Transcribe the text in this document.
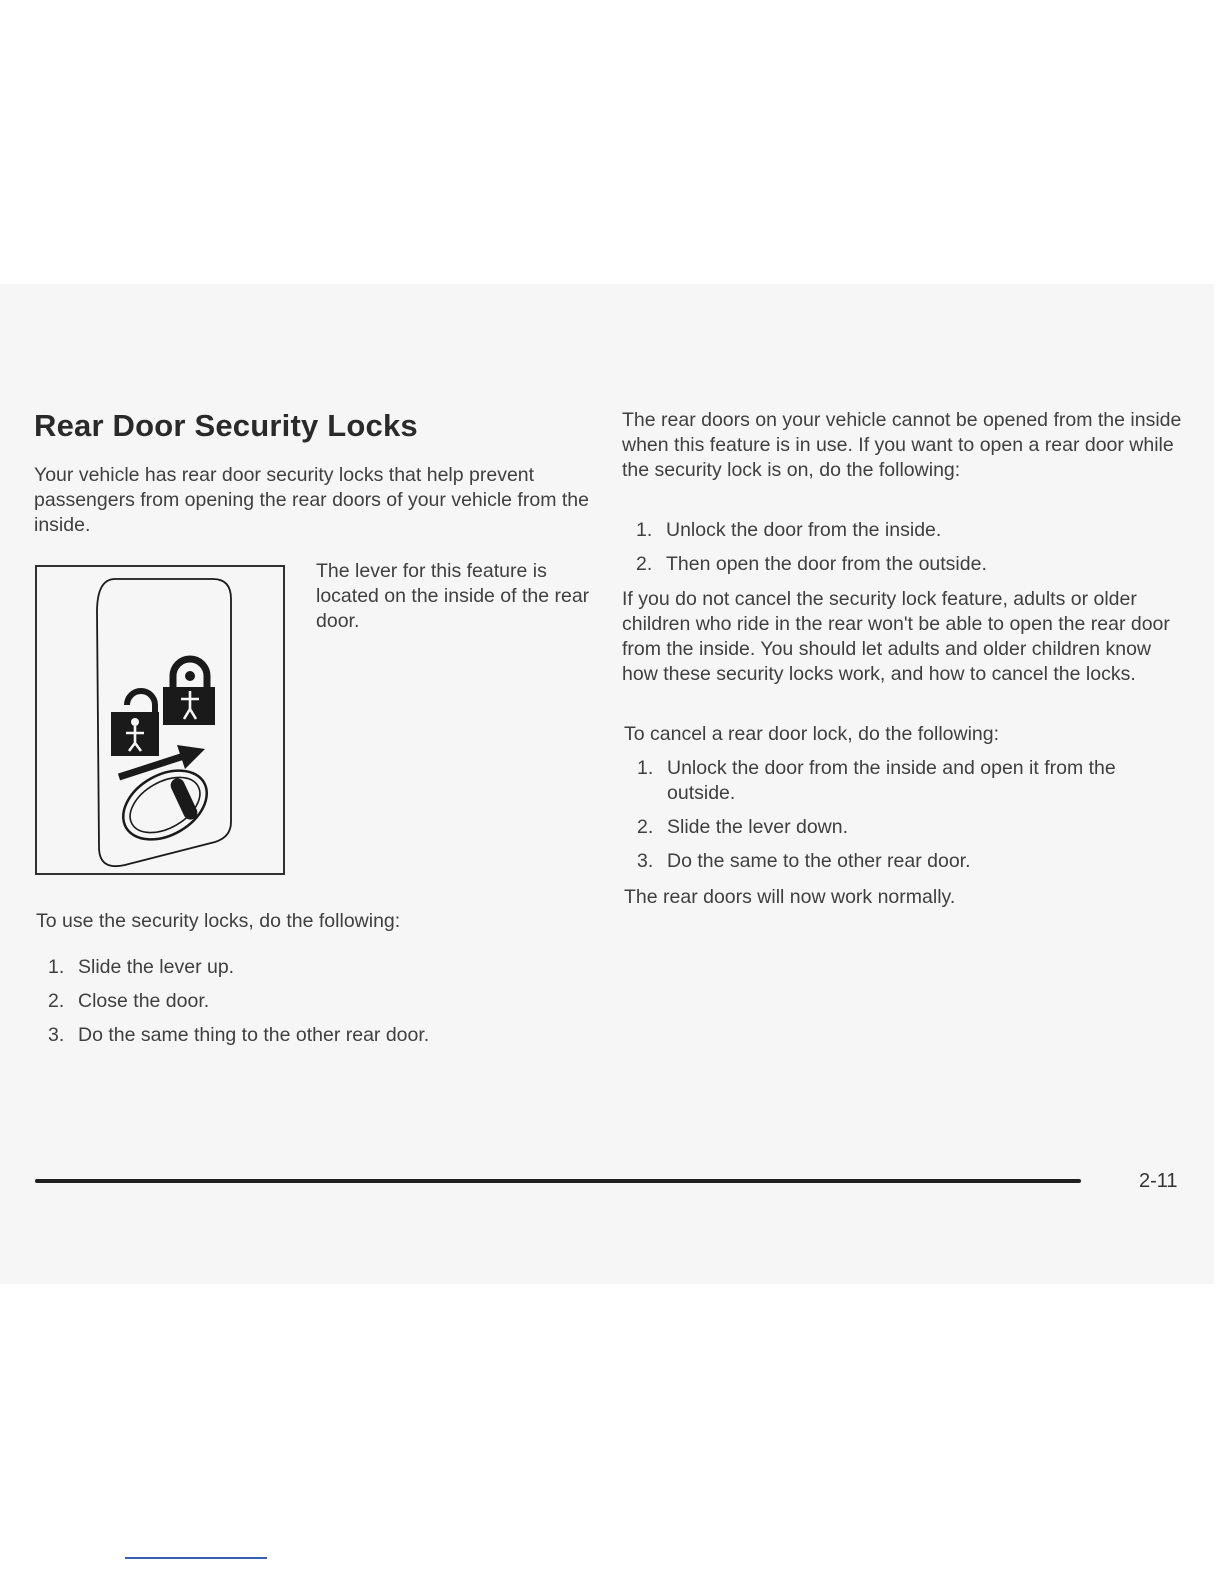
Rear Door Security Locks

Your vehicle has rear door security locks that help prevent passengers from opening the rear doors of your vehicle from the inside.

The lever for this feature is located on the inside of the rear door.

To use the security locks, do the following:

1. Slide the lever up.
2. Close the door.
3. Do the same thing to the other rear door.

The rear doors on your vehicle cannot be opened from the inside when this feature is in use. If you want to open a rear door while the security lock is on, do the following:

1. Unlock the door from the inside.
2. Then open the door from the outside.

If you do not cancel the security lock feature, adults or older children who ride in the rear won't be able to open the rear door from the inside. You should let adults and older children know how these security locks work, and how to cancel the locks.

To cancel a rear door lock, do the following:

1. Unlock the door from the inside and open it from the outside.
2. Slide the lever down.
3. Do the same to the other rear door.

The rear doors will now work normally.

2-11
